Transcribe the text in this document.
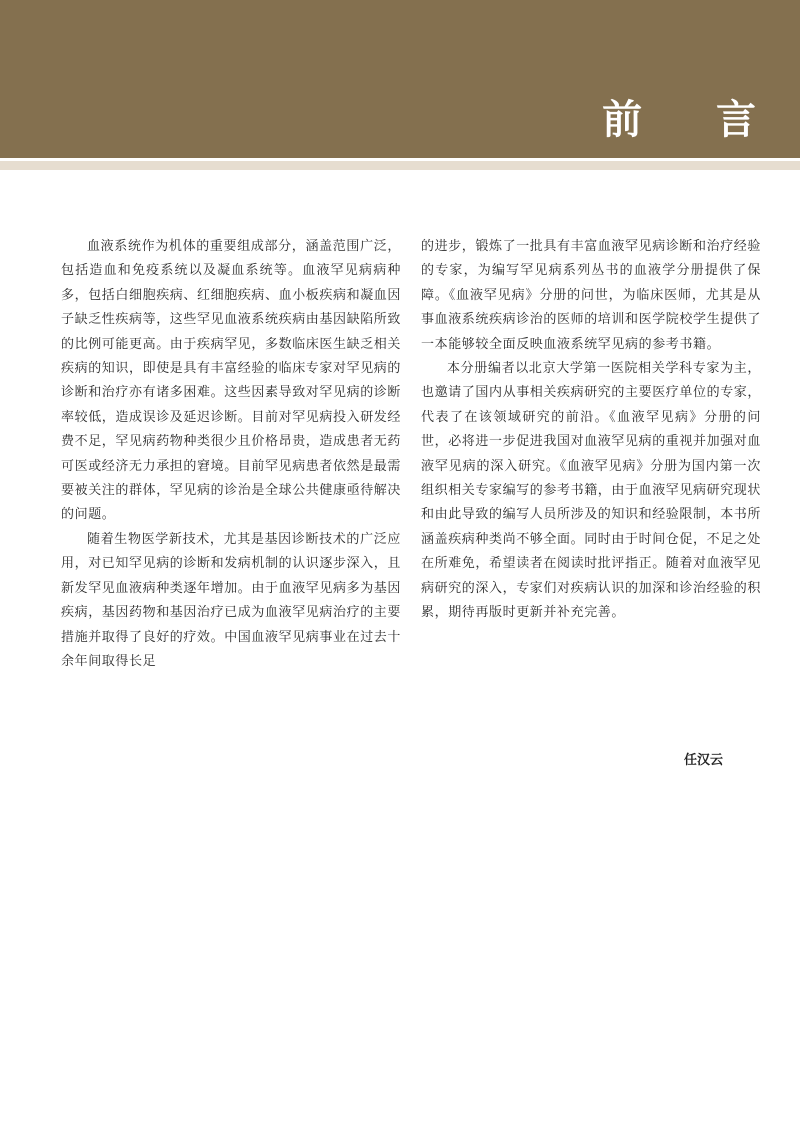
前 言

血液系统作为机体的重要组成部分，涵盖范围广泛，包括造血和免疫系统以及凝血系统等。血液罕见病病种多，包括白细胞疾病、红细胞疾病、血小板疾病和凝血因子缺乏性疾病等，这些罕见血液系统疾病由基因缺陷所致的比例可能更高。由于疾病罕见，多数临床医生缺乏相关疾病的知识，即使是具有丰富经验的临床专家对罕见病的诊断和治疗亦有诸多困难。这些因素导致对罕见病的诊断率较低，造成误诊及延迟诊断。目前对罕见病投入研发经费不足，罕见病药物种类很少且价格昂贵，造成患者无药可医或经济无力承担的窘境。目前罕见病患者依然是最需要被关注的群体，罕见病的诊治是全球公共健康亟待解决的问题。

随着生物医学新技术，尤其是基因诊断技术的广泛应用，对已知罕见病的诊断和发病机制的认识逐步深入，且新发罕见血液病种类逐年增加。由于血液罕见病多为基因疾病，基因药物和基因治疗已成为血液罕见病治疗的主要措施并取得了良好的疗效。中国血液罕见病事业在过去十余年间取得长足

的进步，锻炼了一批具有丰富血液罕见病诊断和治疗经验的专家，为编写罕见病系列丛书的血液学分册提供了保障。《血液罕见病》分册的问世，为临床医师，尤其是从事血液系统疾病诊治的医师的培训和医学院校学生提供了一本能够较全面反映血液系统罕见病的参考书籍。

本分册编者以北京大学第一医院相关学科专家为主，也邀请了国内从事相关疾病研究的主要医疗单位的专家，代表了在该领域研究的前沿。《血液罕见病》分册的问世，必将进一步促进我国对血液罕见病的重视并加强对血液罕见病的深入研究。《血液罕见病》分册为国内第一次组织相关专家编写的参考书籍，由于血液罕见病研究现状和由此导致的编写人员所涉及的知识和经验限制，本书所涵盖疾病种类尚不够全面。同时由于时间仓促，不足之处在所难免，希望读者在阅读时批评指正。随着对血液罕见病研究的深入，专家们对疾病认识的加深和诊治经验的积累，期待再版时更新并补充完善。

任汉云
